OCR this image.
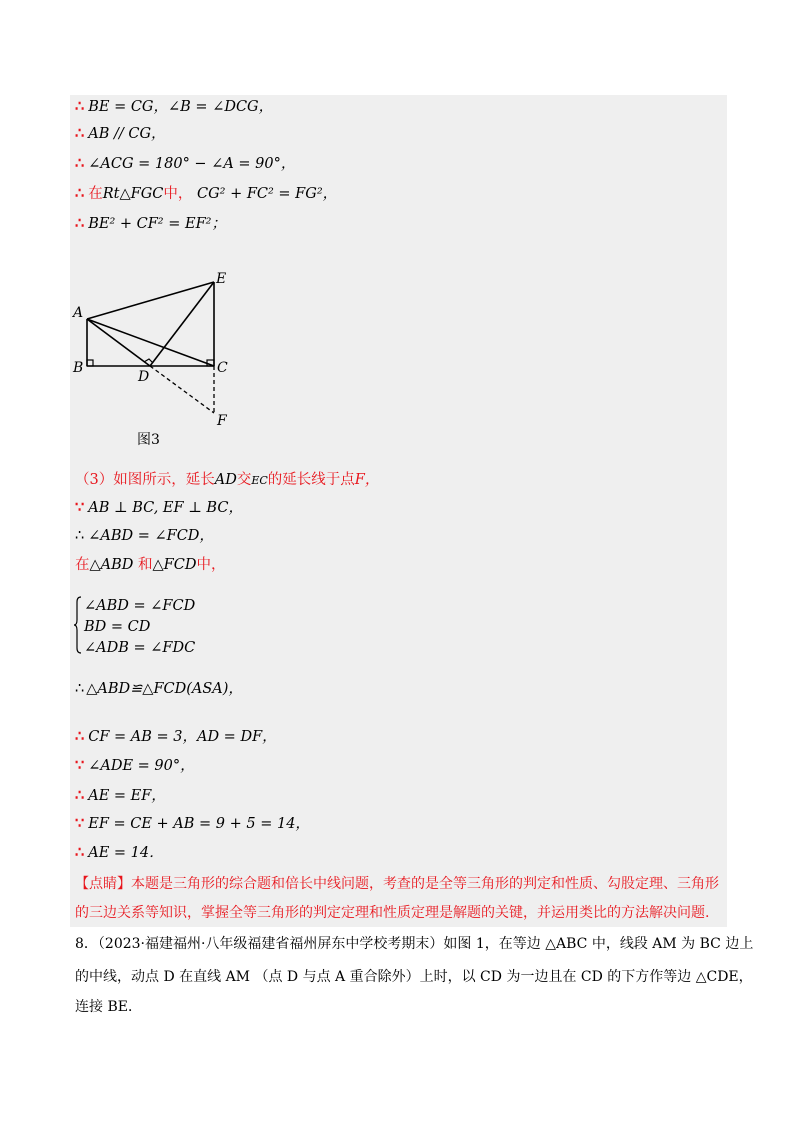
∴ BE = CG，∠B = ∠DCG，
∴ AB // CG，
∴ ∠ACG = 180° − ∠A = 90°，
∴ 在Rt△FGC中， CG² + FC² = FG²，
∴ BE² + CF² = EF²；
A
B	C
D
E
F
图3
（3）如图所示，延长AD交EC的延长线于点F，
∵ AB ⊥ BC, EF ⊥ BC，
∴ ∠ABD = ∠FCD，
在△ABD 和△FCD中，
∠ABD = ∠FCD
BD = CD
∠ADB = ∠FDC
∴ △ABD≌△FCD(ASA)，
∴ CF = AB = 3，AD = DF，
∵ ∠ADE = 90°，
∴ AE = EF，
∵ EF = CE + AB = 9 + 5 = 14，
∴ AE = 14．
【点睛】本题是三角形的综合题和倍长中线问题，考查的是全等三角形的判定和性质、勾股定理、三角形
的三边关系等知识，掌握全等三角形的判定定理和性质定理是解题的关键，并运用类比的方法解决问题.
8．（2023·福建福州·八年级福建省福州屏东中学校考期末）如图 1，在等边 △ABC 中，线段 AM 为 BC 边上
的中线，动点 D 在直线 AM （点 D 与点 A 重合除外）上时，以 CD 为一边且在 CD 的下方作等边 △CDE，
连接 BE．
